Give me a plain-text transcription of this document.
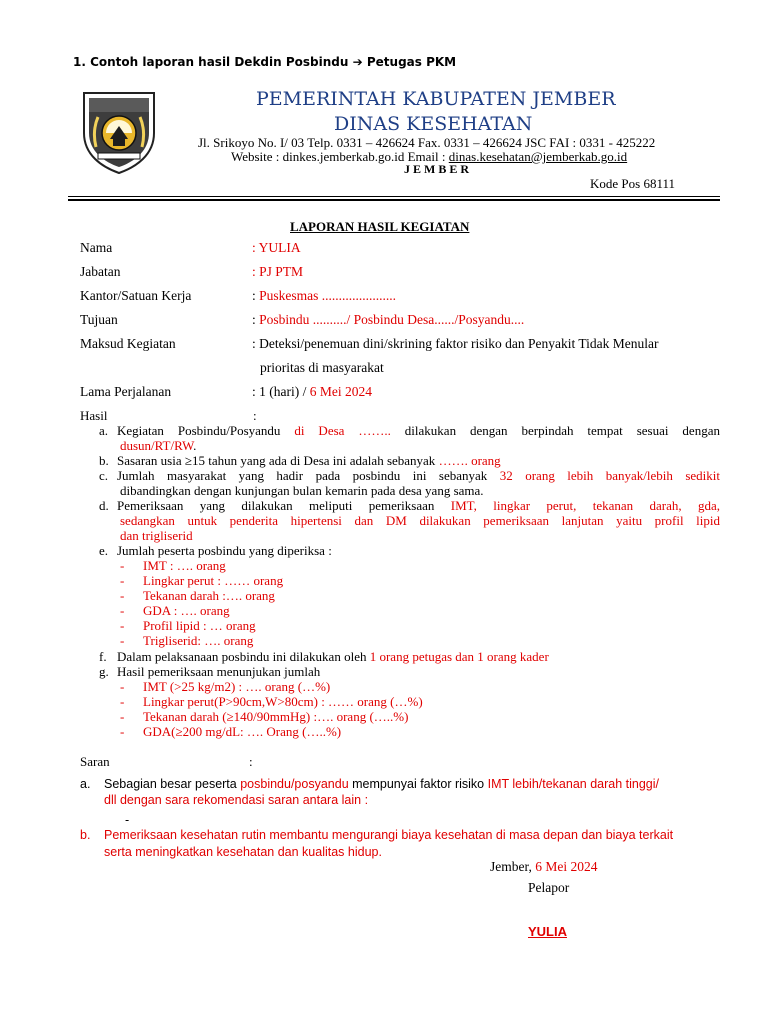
1. Contoh laporan hasil Dekdin Posbindu ➔ Petugas PKM
PEMERINTAH KABUPATEN JEMBER
DINAS KESEHATAN
Jl. Srikoyo No. I/ 03 Telp. 0331 – 426624 Fax. 0331 – 426624 JSC FAI : 0331 - 425222
Website : dinkes.jemberkab.go.id Email : dinas.kesehatan@jemberkab.go.id
JEMBER
Kode Pos 68111
LAPORAN HASIL KEGIATAN
Nama	: YULIA
Jabatan	: PJ PTM
Kantor/Satuan Kerja	: Puskesmas ......................
Tujuan	: Posbindu ........../ Posbindu Desa....../Posyandu....
Maksud Kegiatan	: Deteksi/penemuan dini/skrining faktor risiko dan Penyakit Tidak Menular
prioritas di masyarakat
Lama Perjalanan	: 1 (hari) / 6 Mei 2024
Hasil	:
a. Kegiatan Posbindu/Posyandu di Desa …….. dilakukan dengan berpindah tempat sesuai dengan
dusun/RT/RW.
b. Sasaran usia ≥15 tahun yang ada di Desa ini adalah sebanyak ……. orang
c. Jumlah masyarakat yang hadir pada posbindu ini sebanyak 32 orang lebih banyak/lebih sedikit
dibandingkan dengan kunjungan bulan kemarin pada desa yang sama.
d. Pemeriksaan yang dilakukan meliputi pemeriksaan IMT, lingkar perut, tekanan darah, gda,
sedangkan untuk penderita hipertensi dan DM dilakukan pemeriksaan lanjutan yaitu profil lipid
dan trigliserid
e. Jumlah peserta posbindu yang diperiksa :
- IMT : …. orang
- Lingkar perut : …… orang
- Tekanan darah :…. orang
- GDA : …. orang
- Profil lipid : … orang
- Trigliserid: …. orang
f. Dalam pelaksanaan posbindu ini dilakukan oleh 1 orang petugas dan 1 orang kader
g. Hasil pemeriksaan menunjukan jumlah
- IMT (>25 kg/m2) : …. orang (…%)
- Lingkar perut(P>90cm,W>80cm) : …… orang (…%)
- Tekanan darah (≥140/90mmHg) :…. orang (…..%)
- GDA(≥200 mg/dL: …. Orang (…..%)
Saran	:
a. Sebagian besar peserta posbindu/posyandu mempunyai faktor risiko IMT lebih/tekanan darah tinggi/
dll dengan sara rekomendasi saran antara lain :
-
b. Pemeriksaan kesehatan rutin membantu mengurangi biaya kesehatan di masa depan dan biaya terkait
serta meningkatkan kesehatan dan kualitas hidup.
Jember, 6 Mei 2024
Pelapor
YULIA
